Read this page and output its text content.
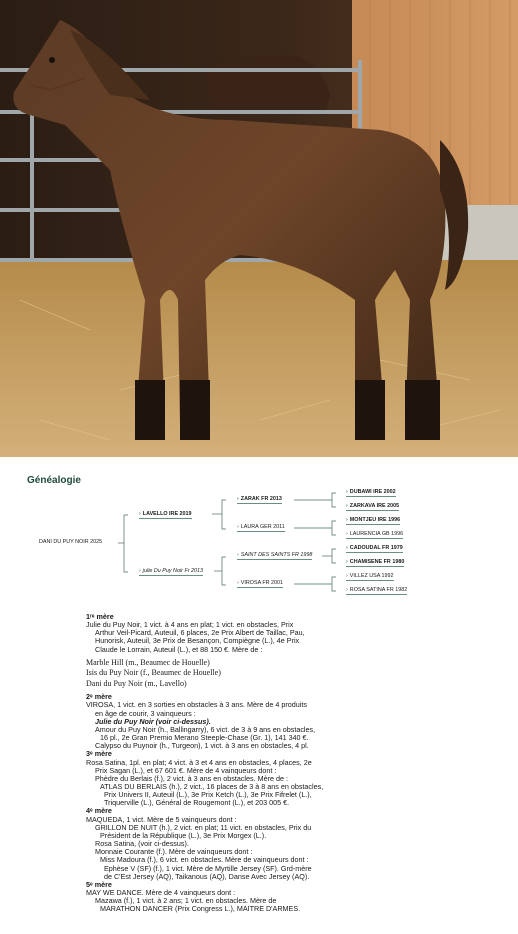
Généalogie
DANI DU PUY NOIR 2025
› LAVELLO IRE 2019
› julie Du Puy Noir Fr 2013
› ZARAK FR 2013
› LAURA GER 2011
› SAINT DES SAINTS FR 1998
› VIROSA FR 2001
› DUBAWI IRE 2002
› ZARKAVA IRE 2005
› MONTJEU IRE 1996
› LAURENCIA GB 1996
› CADOUDAL FR 1979
› CHAMISENE FR 1980
› VILLEZ USA 1992
› ROSA SATINA FR 1982

1ʳᵉ mère

Julie du Puy Noir, 1 vict. à 4 ans en plat; 1 vict. en obstacles, Prix

Arthur Veil-Picard, Auteuil, 6 places, 2e Prix Albert de Taillac, Pau,

Hunorisk, Auteuil, 3e Prix de Besançon, Compiègne (L.), 4e Prix

Claude le Lorrain, Auteuil (L.), et 88 150 €. Mère de :

Marble Hill (m., Beaumec de Houelle)

Isis du Puy Noir (f., Beaumec de Houelle)

Dani du Puy Noir (m., Lavello)

2ᵉ mère

VIROSA, 1 vict. en 3 sorties en obstacles à 3 ans. Mère de 4 produits

en âge de courir, 3 vainqueurs :

Julie du Puy Noir (voir ci-dessus).

Amour du Puy Noir (h., Ballingarry), 6 vict. de 3 à 9 ans en obstacles,

16 pl., 2e Gran Premio Merano Steeple-Chase (Gr. 1), 141 340 €.

Calypso du Puynoir (h., Turgeon), 1 vict. à 3 ans en obstacles, 4 pl.

3ᵉ mère

Rosa Satina, 1pl. en plat; 4 vict. à 3 et 4 ans en obstacles, 4 places, 2e

Prix Sagan (L.), et 67 601 €. Mère de 4 vainqueurs dont :

Phèdre du Berlais (f.), 2 vict. à 3 ans en obstacles. Mère de :

ATLAS DU BERLAIS (h.), 2 vict., 16 places de 3 à 8 ans en obstacles,

Prix Univers II, Auteuil (L.), 3e Prix Ketch (L.), 3e Prix Fifrelet (L.),

Triquerville (L.), Général de Rougemont (L.), et 203 005 €.

4ᵉ mère

MAQUEDA, 1 vict. Mère de 5 vainqueurs dont :

GRILLON DE NUIT (h.), 2 vict. en plat; 11 vict. en obstacles, Prix du

Président de la République (L.), 3e Prix Morgex (L.).

Rosa Satina, (voir ci-dessus).

Monnaie Courante (f.). Mère de vainqueurs dont :

Miss Madoura (f.), 6 vict. en obstacles. Mère de vainqueurs dont :

Ephèse V (SF) (f.), 1 vict. Mère de Myrtille Jersey (SF). Grd-mère

de C'Est Jersey (AQ), Taikanous (AQ), Danse Avec Jersey (AQ).

5ᵉ mère

MAY WE DANCE. Mère de 4 vainqueurs dont :

Mazawa (f.), 1 vict. à 2 ans; 1 vict. en obstacles. Mère de

MARATHON DANCER (Prix Congress L.), MAITRE D'ARMES.
